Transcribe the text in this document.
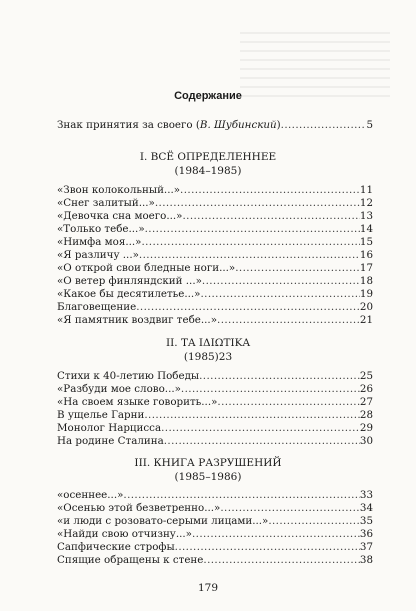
Содержание
Знак принятия за своего (В. Шубинский) .....	5
I. ВСЁ ОПРЕДЕЛЕННЕЕ
(1984–1985)
«Звон колокольный...» .....	11
«Снег залитый...» .....	12
«Девочка сна моего...» .....	13
«Только тебе...» .....	14
«Нимфа моя...» .....	15
«Я различу ...» .....	16
«О открой свои бледные ноги...» .....	17
«О ветер финляндский ...» .....	18
«Какое бы десятилетье...» .....	19
Благовещение .....	20
«Я памятник воздвиг тебе...» .....	21
II. ΤΑ ΙΔΙΩΤΙΚΑ
(1985)23
Стихи к 40-летию Победы .....	25
«Разбуди мое слово...» .....	26
«На своем языке говорить...» .....	27
В ущелье Гарни .....	28
Монолог Нарцисса .....	29
На родине Сталина .....	30
III. КНИГА РАЗРУШЕНИЙ
(1985–1986)
«осеннее...» .....	33
«Осенью этой безветренно...» .....	34
«и люди с розовато-серыми лицами...» .....	35
«Найди свою отчизну...» .....	36
Сапфические строфы .....	37
Спящие обращены к стене .....	38
179
